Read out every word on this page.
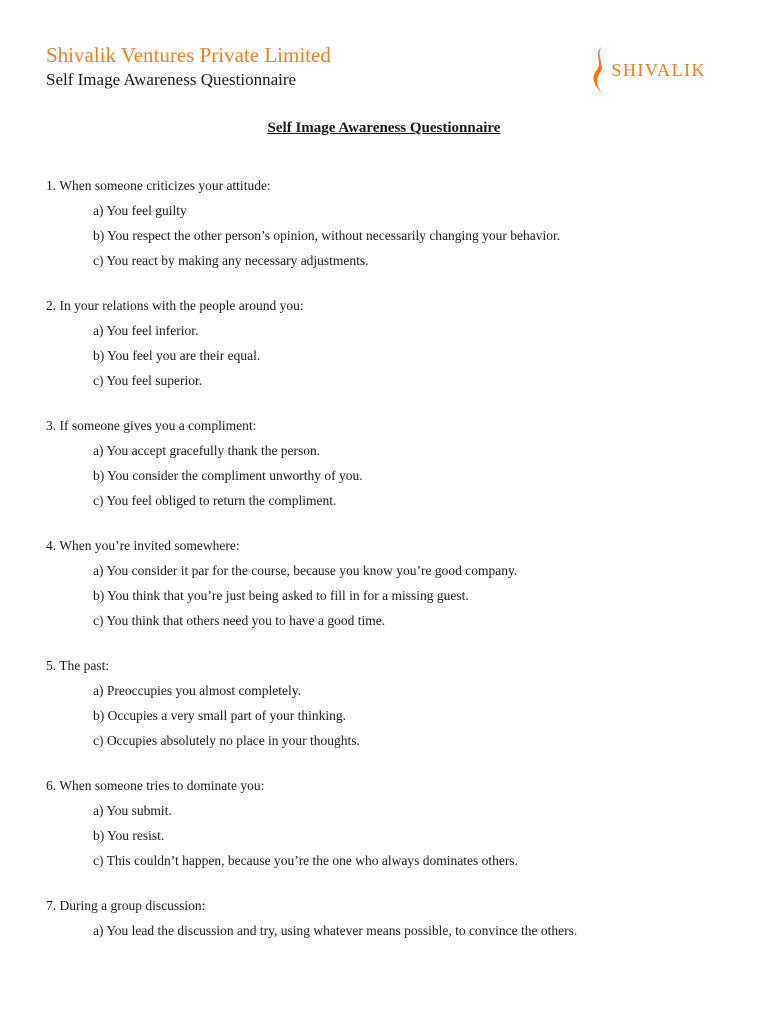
Shivalik Ventures Private Limited

Self Image Awareness Questionnaire	SHIVALIK
Self Image Awareness Questionnaire
1. When someone criticizes your attitude:
a) You feel guilty
b) You respect the other person’s opinion, without necessarily changing your behavior.
c) You react by making any necessary adjustments.
2. In your relations with the people around you:
a) You feel inferior.
b) You feel you are their equal.
c) You feel superior.
3. If someone gives you a compliment:
a) You accept gracefully thank the person.
b) You consider the compliment unworthy of you.
c) You feel obliged to return the compliment.
4. When you’re invited somewhere:
a) You consider it par for the course, because you know you’re good company.
b) You think that you’re just being asked to fill in for a missing guest.
c) You think that others need you to have a good time.
5. The past:
a) Preoccupies you almost completely.
b) Occupies a very small part of your thinking.
c) Occupies absolutely no place in your thoughts.
6. When someone tries to dominate you:
a) You submit.
b) You resist.
c) This couldn’t happen, because you’re the one who always dominates others.
7. During a group discussion:
a) You lead the discussion and try, using whatever means possible, to convince the others.
